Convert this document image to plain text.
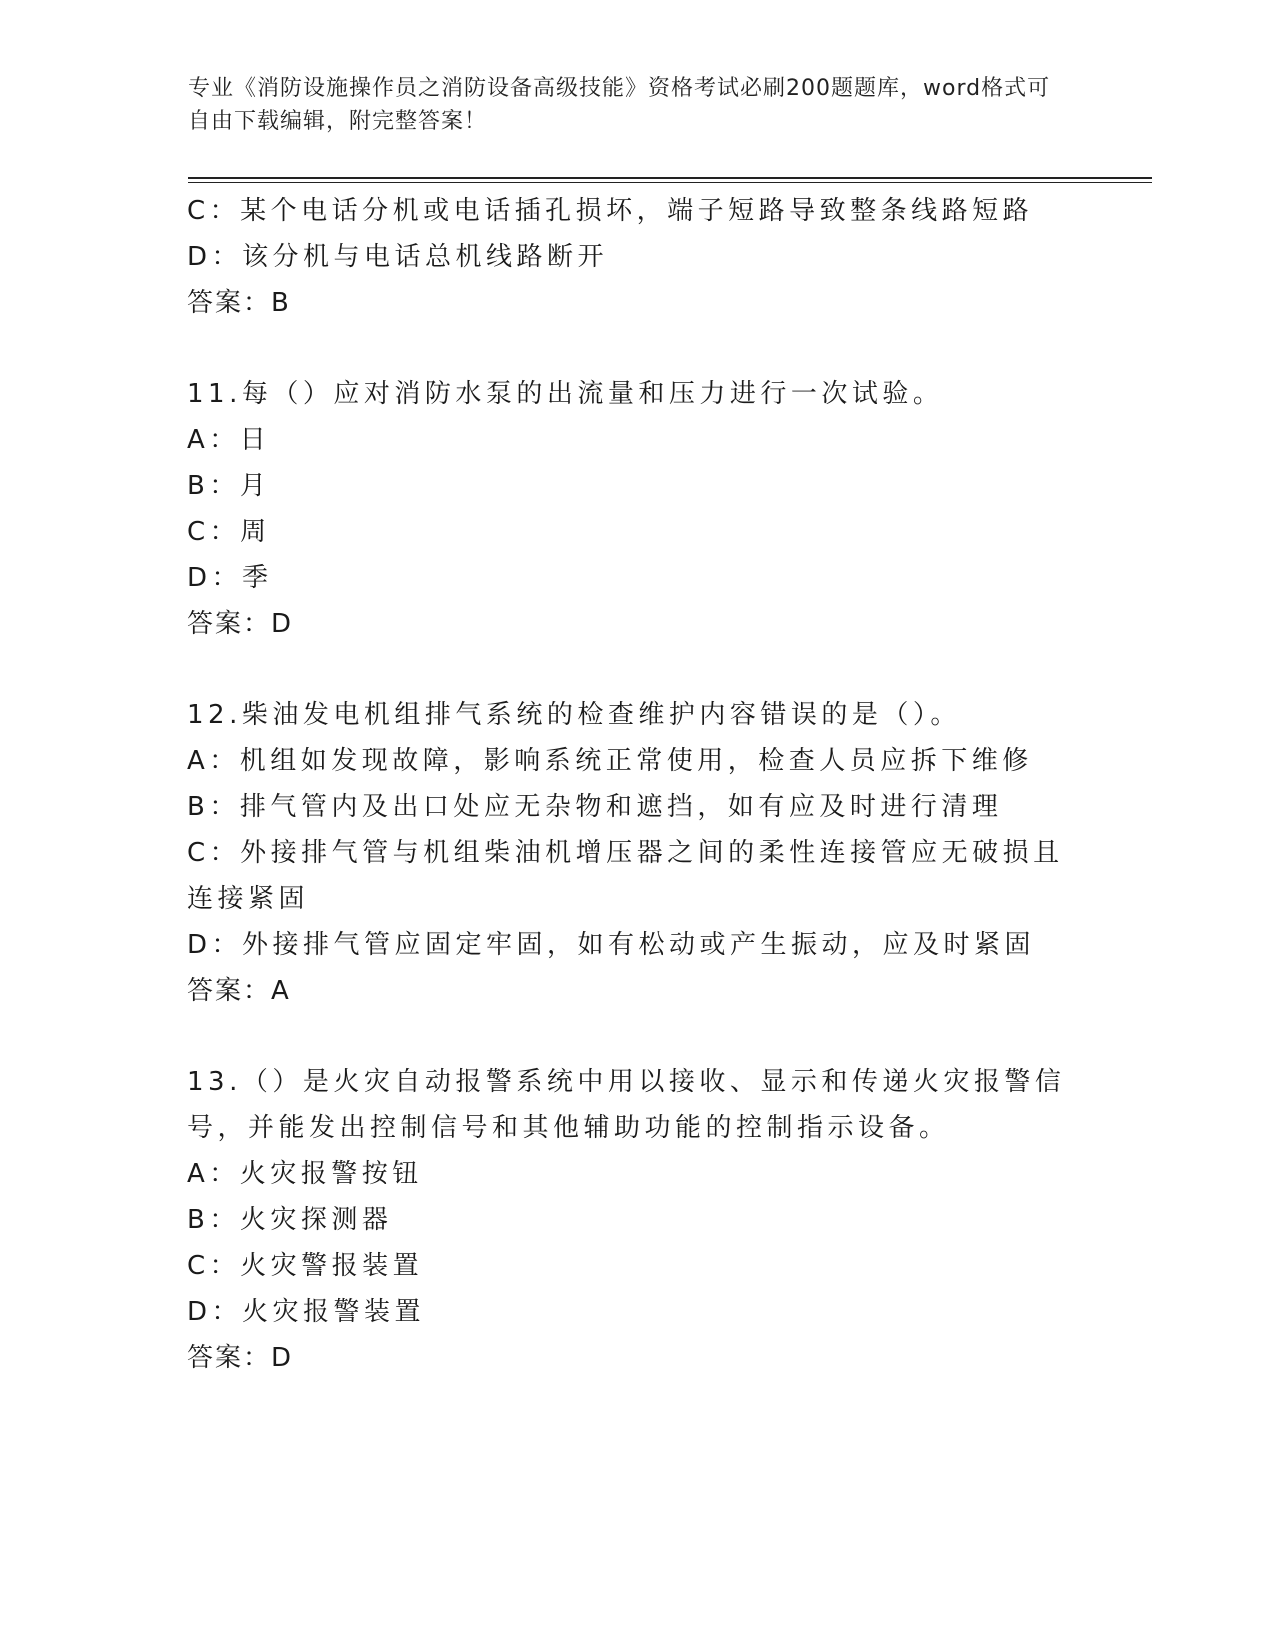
专业《消防设施操作员之消防设备高级技能》资格考试必刷200题题库，word格式可自由下载编辑，附完整答案！
C：某个电话分机或电话插孔损坏，端子短路导致整条线路短路
D：该分机与电话总机线路断开
答案：B
11.每（）应对消防水泵的出流量和压力进行一次试验。
A：日
B：月
C：周
D：季
答案：D
12.柴油发电机组排气系统的检查维护内容错误的是（）。
A：机组如发现故障，影响系统正常使用，检查人员应拆下维修
B：排气管内及出口处应无杂物和遮挡，如有应及时进行清理
C：外接排气管与机组柴油机增压器之间的柔性连接管应无破损且连接紧固
D：外接排气管应固定牢固，如有松动或产生振动，应及时紧固
答案：A
13.（）是火灾自动报警系统中用以接收、显示和传递火灾报警信号，并能发出控制信号和其他辅助功能的控制指示设备。
A：火灾报警按钮
B：火灾探测器
C：火灾警报装置
D：火灾报警装置
答案：D
